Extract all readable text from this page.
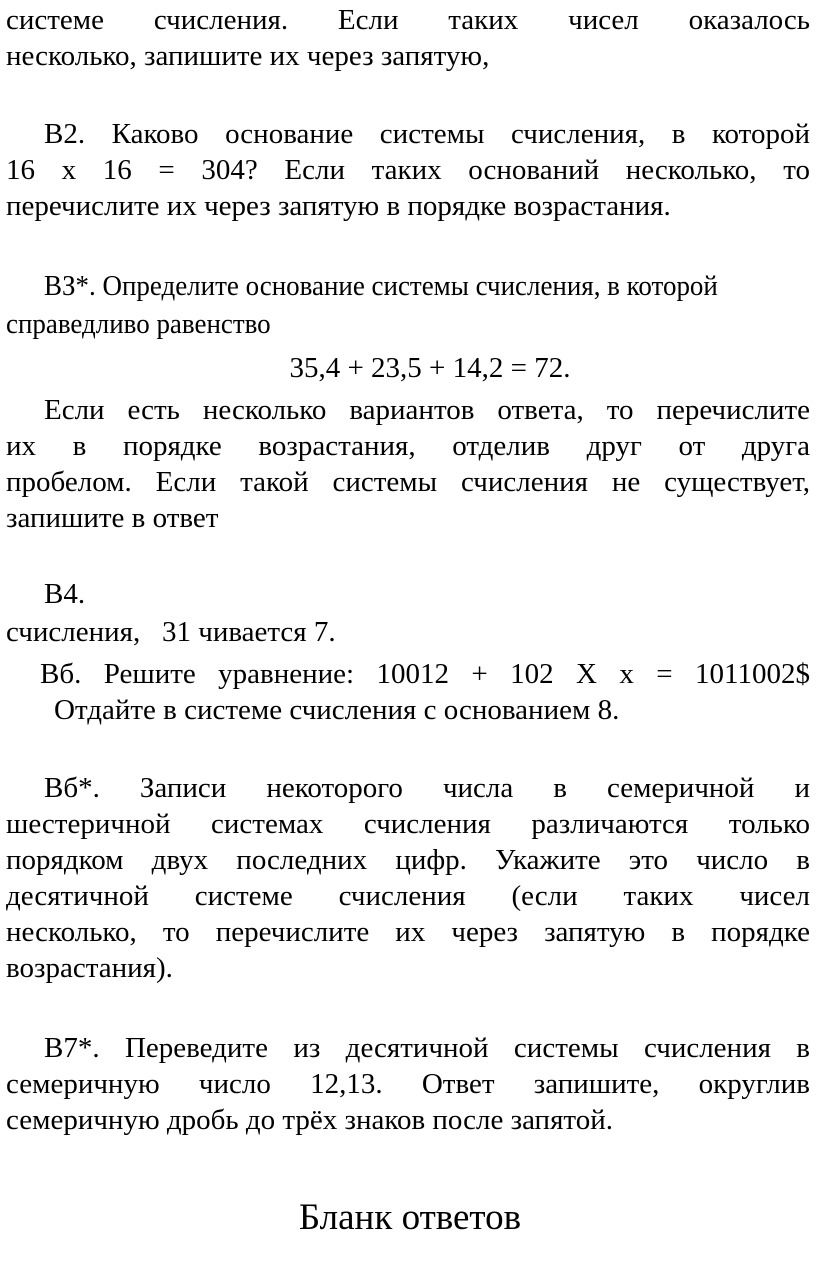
системе счисления. Если таких чисел оказалось
несколько, запишите их через запятую,
В2. Каково основание системы счисления, в которой
16 х 16 = 304? Если таких оснований несколько, то
перечислите их через запятую в порядке возрастания.
ВЗ*. Определите основание системы счисления, в которой
справедливо равенство
35,4 + 23,5 + 14,2 = 72.
Если есть несколько вариантов ответа, то перечислите
их в порядке возрастания, отделив друг от друга
пробелом. Если такой системы счисления не существует,
запишите в ответ
В4.
счисления,   31 чивается 7.
Вб. Решите уравнение: 10012 + 102 Х х = 1011002$
Отдайте в системе счисления с основанием 8.
Вб*. Записи некоторого числа в семеричной и
шестеричной системах счисления различаются только
порядком двух последних цифр. Укажите это число в
десятичной системе счисления (если таких чисел
несколько, то перечислите их через запятую в порядке
возрастания).
В7*. Переведите из десятичной системы счисления в
семеричную число 12,13. Ответ запишите, округлив
семеричную дробь до трёх знаков после запятой.
Бланк ответов
